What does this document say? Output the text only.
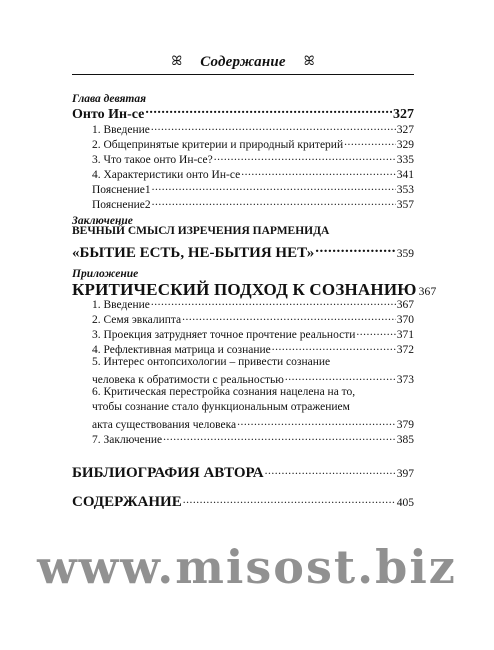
ꕤ Содержание ꕤ
Глава девятая
Онто Ин-се .....	327
1. Введение .....	327
2. Общепринятые критерии и природный критерий .....	329
3. Что такое онто Ин-се? .....	335
4. Характеристики онто Ин-се .....	341
Пояснение1 .....	353
Пояснение2 .....	357
Заключение
ВЕЧНЫЙ СМЫСЛ ИЗРЕЧЕНИЯ ПАРМЕНИДА
«БЫТИЕ ЕСТЬ, НЕ-БЫТИЯ НЕТ» .....	359
Приложение
КРИТИЧЕСКИЙ ПОДХОД К СОЗНАНИЮ 367
1. Введение .....	367
2. Семя эвкалипта .....	370
3. Проекция затрудняет точное прочтение реальности .....	371
4. Рефлективная матрица и сознание .....	372
5. Интерес онтопсихологии – привести сознание
человека к обратимости с реальностью .....	373
6. Критическая перестройка сознания нацелена на то,
чтобы сознание стало функциональным отражением
акта существования человека .....	379
7. Заключение .....	385
БИБЛИОГРАФИЯ АВТОРА .....	397
СОДЕРЖАНИЕ .....	405
www.misost.biz
